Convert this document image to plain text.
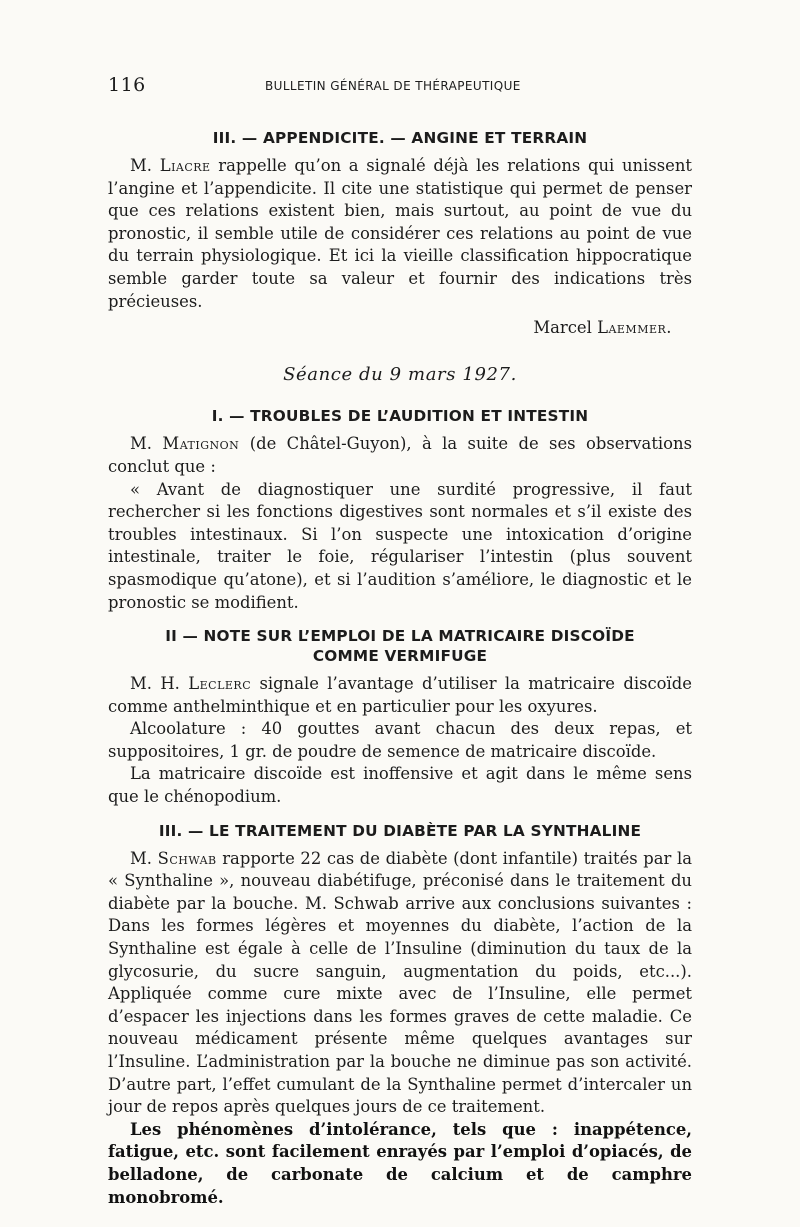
116	BULLETIN GÉNÉRAL DE THÉRAPEUTIQUE
III. — APPENDICITE. — ANGINE ET TERRAIN

M. Liacre rappelle qu’on a signalé déjà les relations qui unissent l’angine et l’appendicite. Il cite une statistique qui permet de penser que ces relations existent bien, mais surtout, au point de vue du pronostic, il semble utile de considérer ces relations au point de vue du terrain physiologique. Et ici la vieille classification hippocratique semble garder toute sa valeur et fournir des indications très précieuses.

Marcel Laemmer.
Séance du 9 mars 1927.
I. — TROUBLES DE L’AUDITION ET INTESTIN

M. Matignon (de Châtel-Guyon), à la suite de ses observations conclut que :

« Avant de diagnostiquer une surdité progressive, il faut rechercher si les fonctions digestives sont normales et s’il existe des troubles intestinaux. Si l’on suspecte une intoxication d’origine intestinale, traiter le foie, régulariser l’intestin (plus souvent spasmodique qu’atone), et si l’audition s’améliore, le diagnostic et le pronostic se modifient.

II — NOTE SUR L’EMPLOI DE LA MATRICAIRE DISCOÏDE
COMME VERMIFUGE

M. H. Leclerc signale l’avantage d’utiliser la matricaire discoïde comme anthelminthique et en particulier pour les oxyures.

Alcoolature : 40 gouttes avant chacun des deux repas, et suppositoires, 1 gr. de poudre de semence de matricaire discoïde.

La matricaire discoïde est inoffensive et agit dans le même sens que le chénopodium.

III. — LE TRAITEMENT DU DIABÈTE PAR LA SYNTHALINE

M. Schwab rapporte 22 cas de diabète (dont infantile) traités par la « Synthaline », nouveau diabétifuge, préconisé dans le traitement du diabète par la bouche. M. Schwab arrive aux conclusions suivantes : Dans les formes légères et moyennes du diabète, l’action de la Synthaline est égale à celle de l’Insuline (diminution du taux de la glycosurie, du sucre sanguin, augmentation du poids, etc...). Appliquée comme cure mixte avec de l’Insuline, elle permet d’espacer les injections dans les formes graves de cette maladie. Ce nouveau médicament présente même quelques avantages sur l’Insuline. L’administration par la bouche ne diminue pas son activité. D’autre part, l’effet cumulant de la Synthaline permet d’intercaler un jour de repos après quelques jours de ce traitement.

Les phénomènes d’intolérance, tels que : inappétence, fatigue, etc. sont facilement enrayés par l’emploi d’opiacés, de belladone, de carbonate de calcium et de camphre monobromé.
